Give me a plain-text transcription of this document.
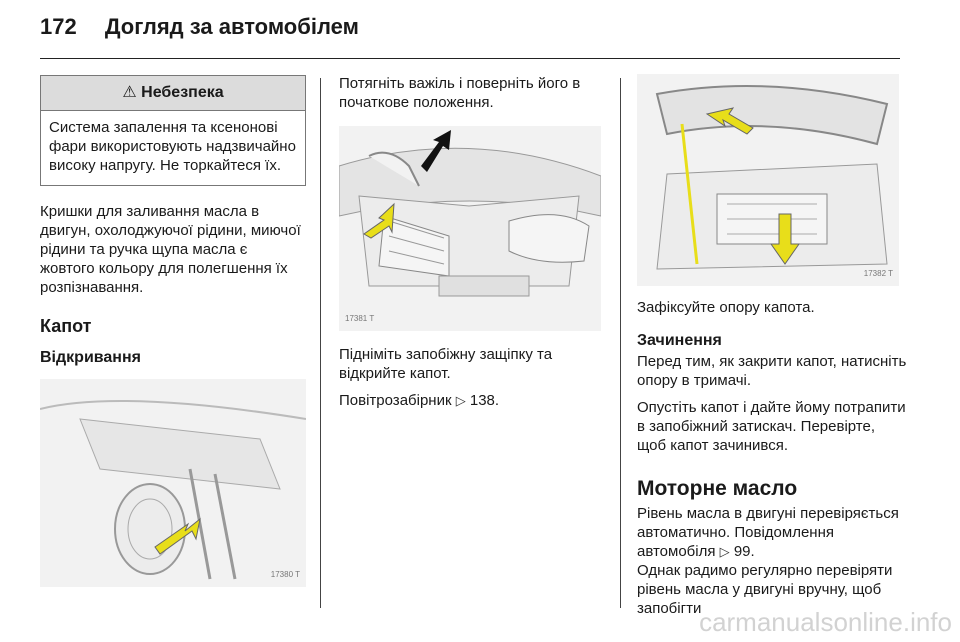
172 Догляд за автомобілем
⚠ Небезпека
Система запалення та ксенонові фари використовують надзвичайно високу напругу. Не торкайтеся їх.

Кришки для заливання масла в двигун, охолоджуючої рідини, миючої рідини та ручка щупа масла є жовтого кольору для полегшення їх розпізнавання.

Капот
Відкривання
17380 T

Потягніть важіль і поверніть його в початкове положення.

17381 T

Підніміть запобіжну защіпку та відкрийте капот.

Повітрозабірник ▷ 138.

17382 T

Зафіксуйте опору капота.

Зачинення

Перед тим, як закрити капот, натисніть опору в тримачі.

Опустіть капот і дайте йому потрапити в запобіжний затискач. Перевірте, щоб капот зачинився.

Моторне масло

Рівень масла в двигуні перевіряється автоматично. Повідомлення автомобіля ▷ 99.

Однак радимо регулярно перевіряти рівень масла у двигуні вручну, щоб запобігти

carmanualsonline.info
